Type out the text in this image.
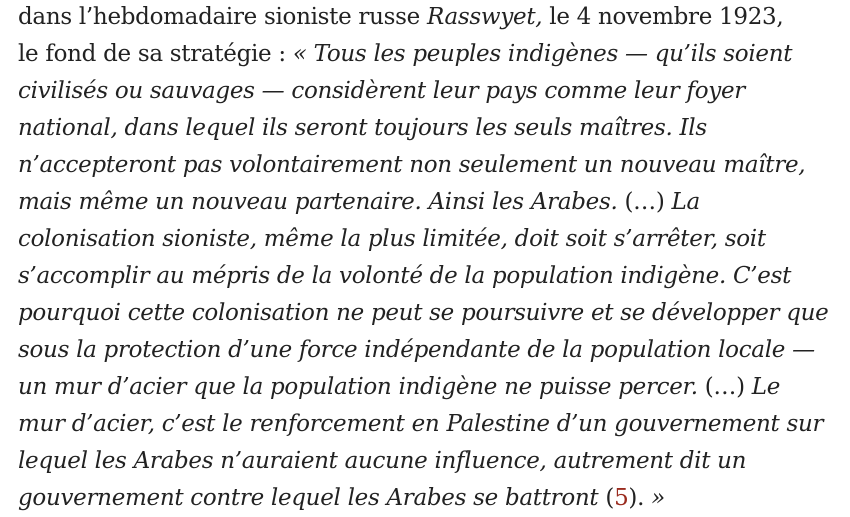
dans l’hebdomadaire sioniste russe Rasswyet, le 4 novembre 1923,
le fond de sa stratégie : « Tous les peuples indigènes — qu’ils soient
civilisés ou sauvages — considèrent leur pays comme leur foyer
national, dans lequel ils seront toujours les seuls maîtres. Ils
n’accepteront pas volontairement non seulement un nouveau maître,
mais même un nouveau partenaire. Ainsi les Arabes. (…) La
colonisation sioniste, même la plus limitée, doit soit s’arrêter, soit
s’accomplir au mépris de la volonté de la population indigène. C’est
pourquoi cette colonisation ne peut se poursuivre et se développer que
sous la protection d’une force indépendante de la population locale —
un mur d’acier que la population indigène ne puisse percer. (…) Le
mur d’acier, c’est le renforcement en Palestine d’un gouvernement sur
lequel les Arabes n’auraient aucune influence, autrement dit un
gouvernement contre lequel les Arabes se battront (5). »
